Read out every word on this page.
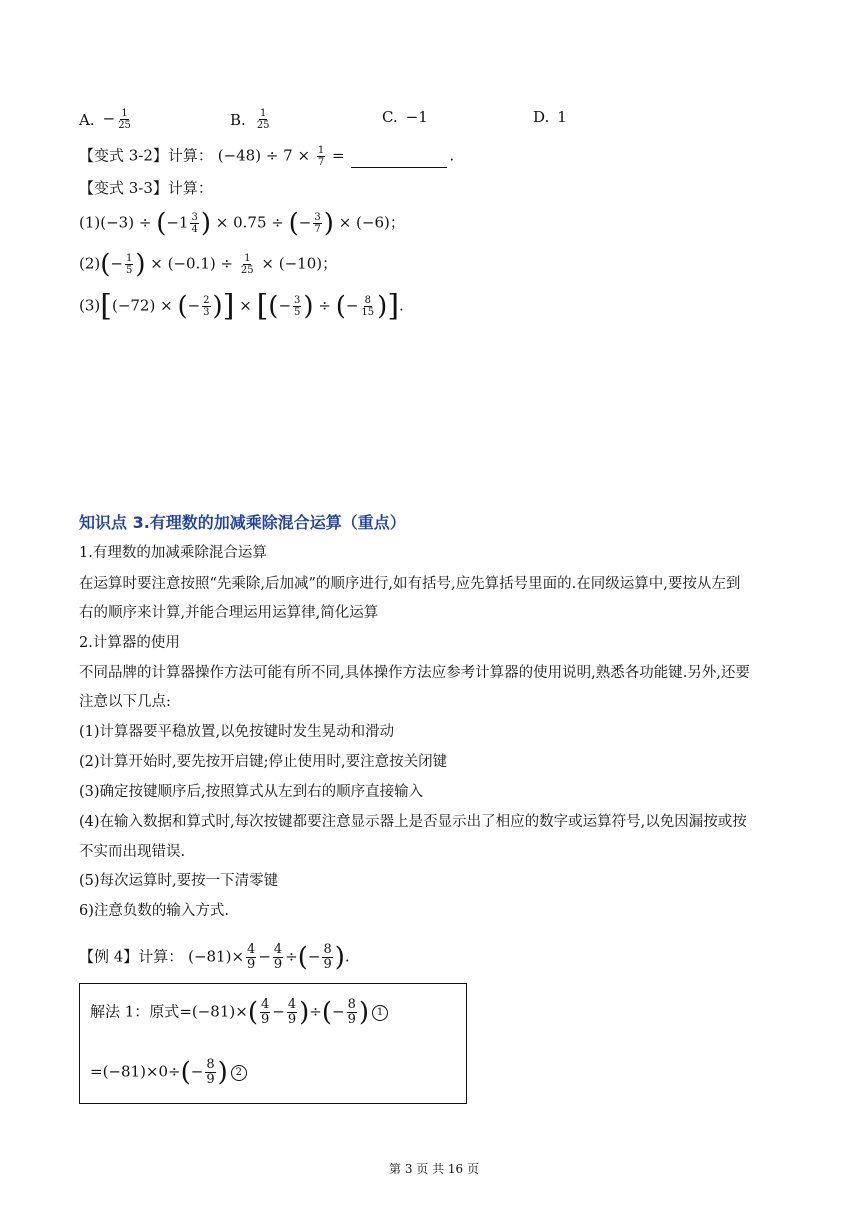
A. − $\frac{1}{25}$	B. $\frac{1}{25}$	C. −1	D. 1
【变式 3-2】计算： $(-48) \div 7 \times \frac{1}{7}$ =	.
【变式 3-3】计算：
$(1)(-3) \div (-1 \frac{3}{4}$ ) × 0.75 ÷ (− $\frac{3}{7}$ ) × (−6)；
$(2)(- \frac{1}{5}$ ) × $(-0.1) \div \frac{1}{25} \times (-10)$；
(3)[(−72) × (− $\frac{2}{3}$ )] × [(− $\frac{3}{5}$ ) ÷ (− $\frac{8}{15}$ )].
知识点 3.有理数的加减乘除混合运算（重点）
1.有理数的加减乘除混合运算
在运算时要注意按照“先乘除,后加减”的顺序进行,如有括号,应先算括号里面的.在同级运算中,要按从左到
右的顺序来计算,并能合理运用运算律,简化运算
2.计算器的使用
不同品牌的计算器操作方法可能有所不同,具体操作方法应参考计算器的使用说明,熟悉各功能键.另外,还要
注意以下几点:
(1)计算器要平稳放置,以免按键时发生晃动和滑动
(2)计算开始时,要先按开启键;停止使用时,要注意按关闭键
(3)确定按键顺序后,按照算式从左到右的顺序直接输入
(4)在输入数据和算式时,每次按键都要注意显示器上是否显示出了相应的数字或运算符号,以免因漏按或按
不实而出现错误.
(5)每次运算时,要按一下清零键
6)注意负数的输入方式.
【例 4】计算： $(-81)\times \frac{4}{9} - \frac{4}{9}$ ÷(− $\frac{8}{9}$ ).
解法 1：原式$=(-81)\times( \frac{4}{9} - \frac{4}{9}$ )÷(− $\frac{8}{9}$ ) 1
$=(-81)\times 0\div(- \frac{8}{9}$ ) 2
第 3 页 共 16 页
